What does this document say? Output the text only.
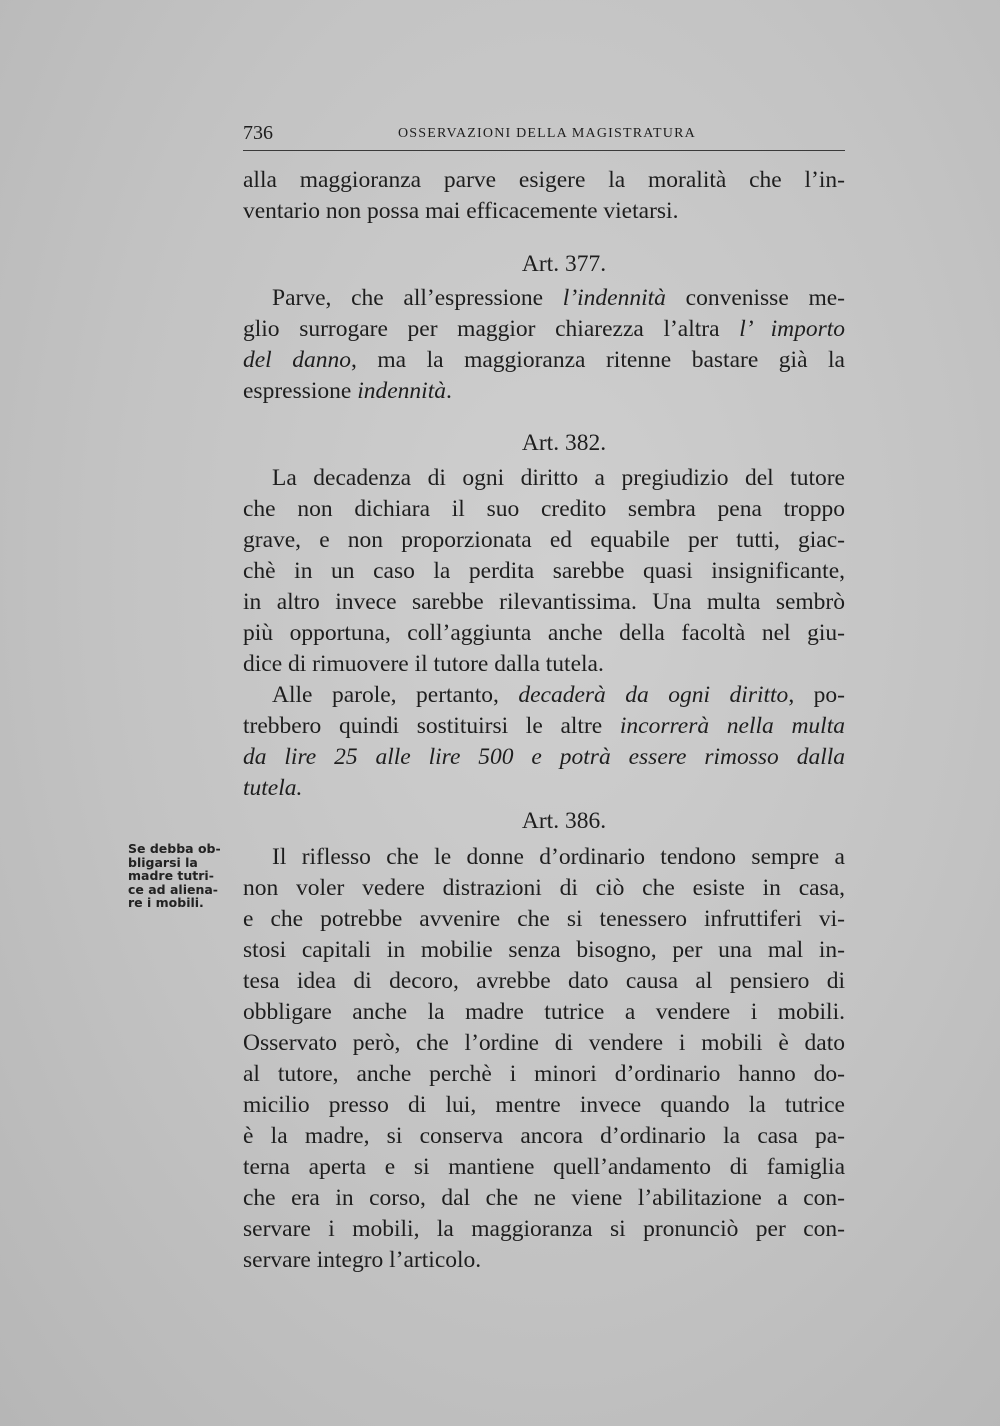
736	OSSERVAZIONI DELLA MAGISTRATURA
alla maggioranza parve esigere la moralità che l’in-
ventario non possa mai efficacemente vietarsi.
Art. 377.
Parve, che all’espressione l’indennità convenisse me-
glio surrogare per maggior chiarezza l’altra l’ importo
del danno, ma la maggioranza ritenne bastare già la
espressione indennità.
Art. 382.
La decadenza di ogni diritto a pregiudizio del tutore
che non dichiara il suo credito sembra pena troppo
grave, e non proporzionata ed equabile per tutti, giac-
chè in un caso la perdita sarebbe quasi insignificante,
in altro invece sarebbe rilevantissima. Una multa sembrò
più opportuna, coll’aggiunta anche della facoltà nel giu-
dice di rimuovere il tutore dalla tutela.
Alle parole, pertanto, decaderà da ogni diritto, po-
trebbero quindi sostituirsi le altre incorrerà nella multa
da lire 25 alle lire 500 e potrà essere rimosso dalla
tutela.
Art. 386.
Il riflesso che le donne d’ordinario tendono sempre a
non voler vedere distrazioni di ciò che esiste in casa,
e che potrebbe avvenire che si tenessero infruttiferi vi-
stosi capitali in mobilie senza bisogno, per una mal in-
tesa idea di decoro, avrebbe dato causa al pensiero di
obbligare anche la madre tutrice a vendere i mobili.
Osservato però, che l’ordine di vendere i mobili è dato
al tutore, anche perchè i minori d’ordinario hanno do-
micilio presso di lui, mentre invece quando la tutrice
è la madre, si conserva ancora d’ordinario la casa pa-
terna aperta e si mantiene quell’andamento di famiglia
che era in corso, dal che ne viene l’abilitazione a con-
servare i mobili, la maggioranza si pronunciò per con-
servare integro l’articolo.
Se debba ob-
bligarsi la
madre tutri-
ce ad aliena-
re i mobili.
